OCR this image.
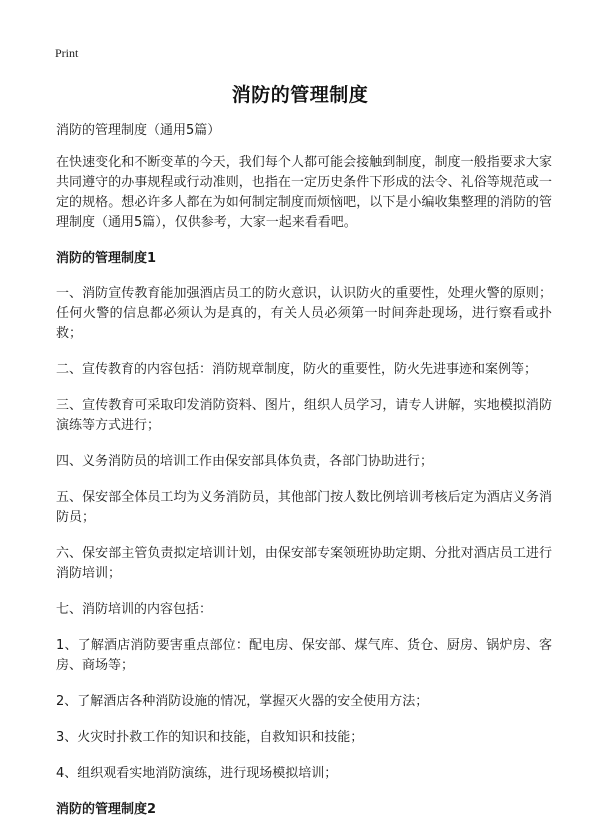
Print
消防的管理制度

消防的管理制度（通用5篇）

在快速变化和不断变革的今天，我们每个人都可能会接触到制度，制度一般指要求大家共同遵守的办事规程或行动准则，也指在一定历史条件下形成的法令、礼俗等规范或一定的规格。想必许多人都在为如何制定制度而烦恼吧，以下是小编收集整理的消防的管理制度（通用5篇），仅供参考，大家一起来看看吧。

消防的管理制度1

一、消防宣传教育能加强酒店员工的防火意识，认识防火的重要性，处理火警的原则；任何火警的信息都必须认为是真的，有关人员必须第一时间奔赴现场，进行察看或扑救；

二、宣传教育的内容包括：消防规章制度，防火的重要性，防火先进事迹和案例等；

三、宣传教育可采取印发消防资料、图片，组织人员学习，请专人讲解，实地模拟消防演练等方式进行；

四、义务消防员的培训工作由保安部具体负责，各部门协助进行；

五、保安部全体员工均为义务消防员，其他部门按人数比例培训考核后定为酒店义务消防员；

六、保安部主管负责拟定培训计划，由保安部专案领班协助定期、分批对酒店员工进行消防培训；

七、消防培训的内容包括：

1、了解酒店消防要害重点部位：配电房、保安部、煤气库、货仓、厨房、锅炉房、客房、商场等；

2、了解酒店各种消防设施的情况，掌握灭火器的安全使用方法；

3、火灾时扑救工作的知识和技能，自救知识和技能；

4、组织观看实地消防演练，进行现场模拟培训；

消防的管理制度2
